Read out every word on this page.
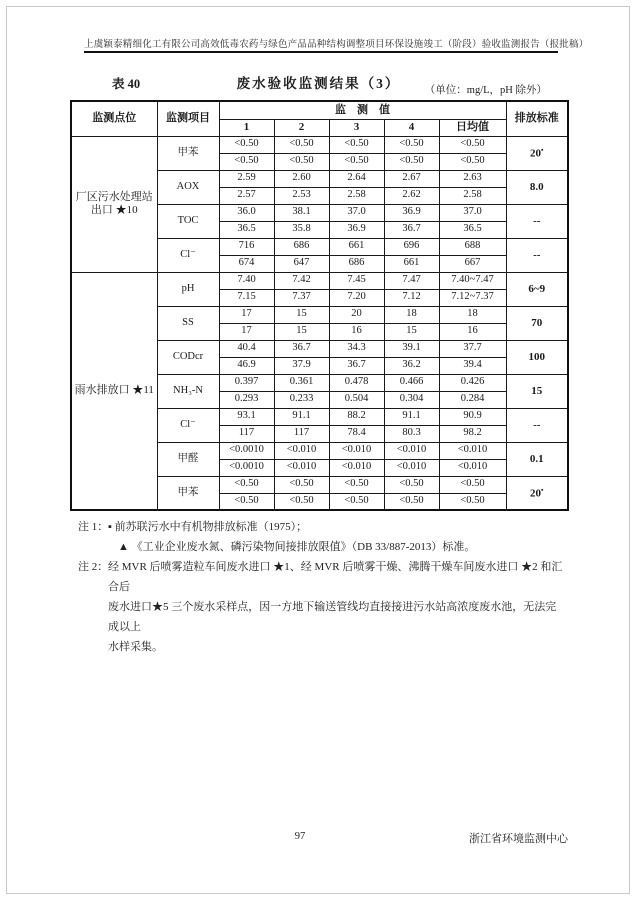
上虞颖泰精细化工有限公司高效低毒农药与绿色产品品种结构调整项目环保设施竣工（阶段）验收监测报告（报批稿）
表 40	废水验收监测结果（3）	（单位：mg/L，pH 除外）
监测点位	监测项目	监　测　值					排放标准
		1	2	3	4	日均值	
厂区污水处理站出口 ★10	甲苯	<0.50	<0.50	<0.50	<0.50	<0.50	20▪
		<0.50	<0.50	<0.50	<0.50	<0.50	
	AOX	2.59	2.60	2.64	2.67	2.63	8.0
		2.57	2.53	2.58	2.62	2.58	
	TOC	36.0	38.1	37.0	36.9	37.0	--
		36.5	35.8	36.9	36.7	36.5	
	Cl⁻	716	686	661	696	688	--
		674	647	686	661	667	
雨水排放口 ★11	pH	7.40	7.42	7.45	7.47	7.40~7.47	6~9
		7.15	7.37	7.20	7.12	7.12~7.37	
	SS	17	15	20	18	18	70
		17	15	16	15	16	
	CODcr	40.4	36.7	34.3	39.1	37.7	100
		46.9	37.9	36.7	36.2	39.4	
	NH₃-N	0.397	0.361	0.478	0.466	0.426	15
		0.293	0.233	0.504	0.304	0.284	
	Cl⁻	93.1	91.1	88.2	91.1	90.9	--
		117	117	78.4	80.3	98.2	
	甲醛	<0.0010	<0.010	<0.010	<0.010	<0.010	0.1
		<0.0010	<0.010	<0.010	<0.010	<0.010	
	甲苯	<0.50	<0.50	<0.50	<0.50	<0.50	20▪
		<0.50	<0.50	<0.50	<0.50	<0.50	
注 1： ▪ 前苏联污水中有机物排放标准（1975）；
▲ 《工业企业废水氮、磷污染物间接排放限值》（DB 33/887-2013）标准。
注 2： 经 MVR 后喷雾造粒车间废水进口 ★1、经 MVR 后喷雾干燥、沸腾干燥车间废水进口 ★2 和汇合后
废水进口★5 三个废水采样点，因一方地下输送管线均直接接进污水站高浓度废水池，无法完成以上
水样采集。
97	浙江省环境监测中心
